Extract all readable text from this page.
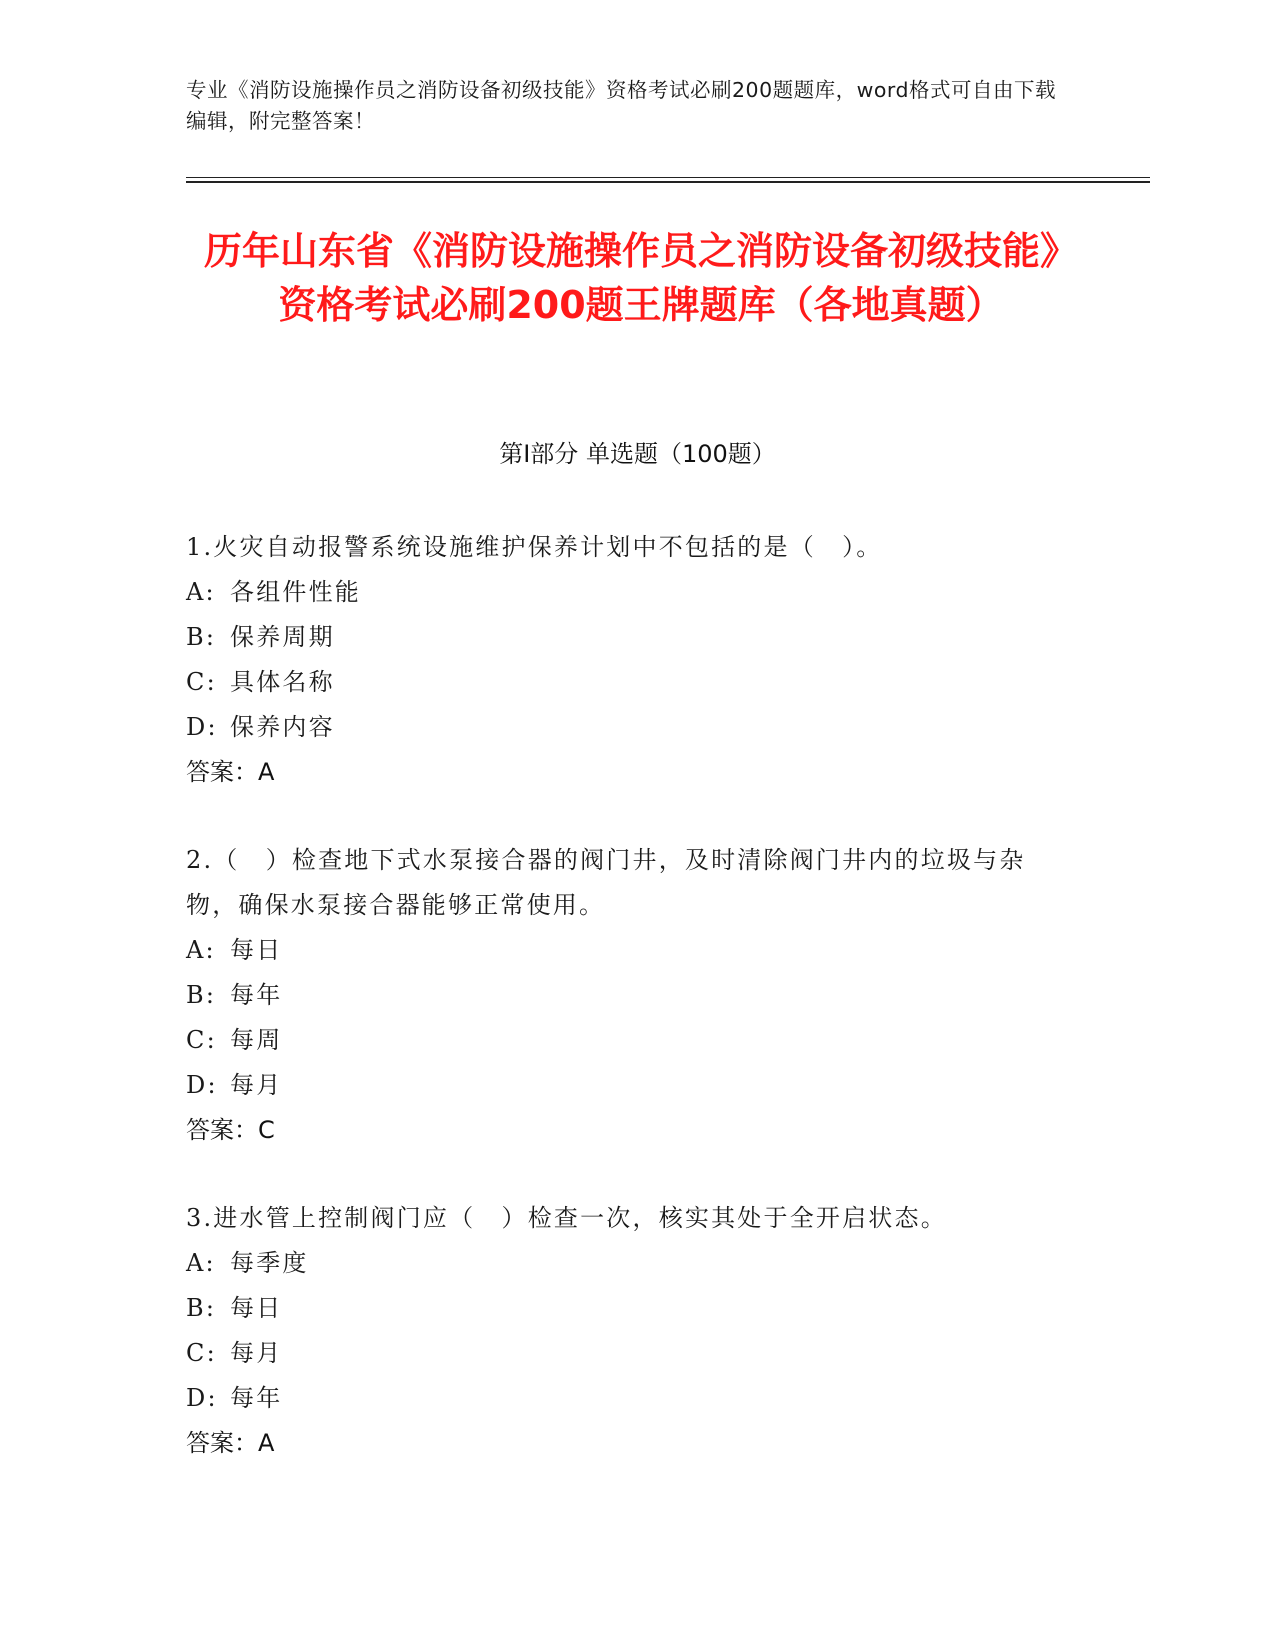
专业《消防设施操作员之消防设备初级技能》资格考试必刷200题题库，word格式可自由下载编辑，附完整答案！
历年山东省《消防设施操作员之消防设备初级技能》资格考试必刷200题王牌题库（各地真题）
第I部分 单选题（100题）
1.火灾自动报警系统设施维护保养计划中不包括的是（　）。
A: 各组件性能
B: 保养周期
C: 具体名称
D: 保养内容
答案：A
2.（　）检查地下式水泵接合器的阀门井，及时清除阀门井内的垃圾与杂物，确保水泵接合器能够正常使用。
A: 每日
B: 每年
C: 每周
D: 每月
答案：C
3.进水管上控制阀门应（　）检查一次，核实其处于全开启状态。
A: 每季度
B: 每日
C: 每月
D: 每年
答案：A
